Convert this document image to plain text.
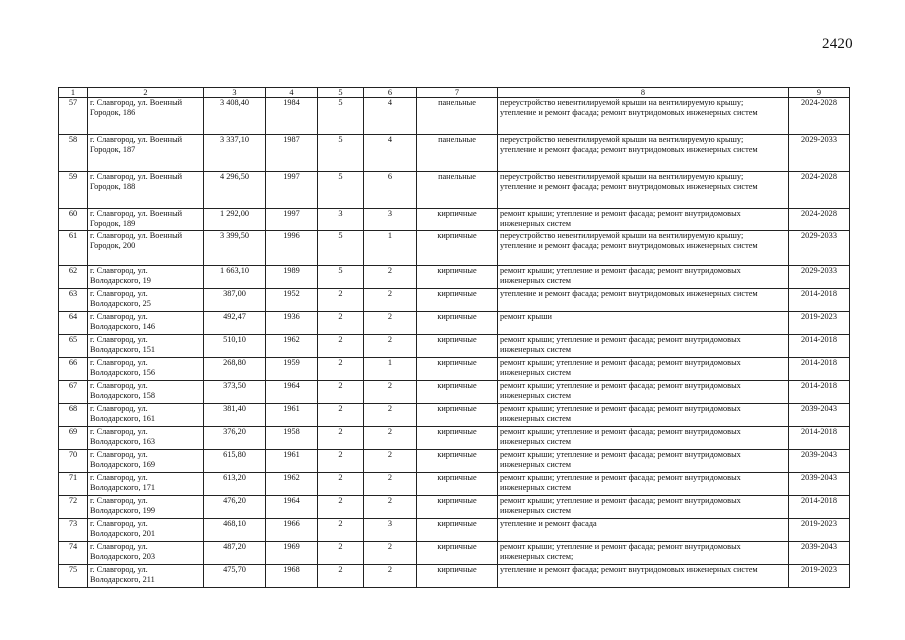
2420
1	2	3	4	5	6	7	8	9
57	г. Славгород, ул. Военный
Городок, 186	3 408,40	1984	5	4	панельные	переустройство невентилируемой крыши на вентилируемую крышу;
утепление и ремонт фасада; ремонт внутридомовых инженерных систем	2024-2028
58	г. Славгород, ул. Военный
Городок, 187	3 337,10	1987	5	4	панельные	переустройство невентилируемой крыши на вентилируемую крышу;
утепление и ремонт фасада; ремонт внутридомовых инженерных систем	2029-2033
59	г. Славгород, ул. Военный
Городок, 188	4 296,50	1997	5	6	панельные	переустройство невентилируемой крыши на вентилируемую крышу;
утепление и ремонт фасада; ремонт внутридомовых инженерных систем	2024-2028
60	г. Славгород, ул. Военный
Городок, 189	1 292,00	1997	3	3	кирпичные	ремонт крыши; утепление и ремонт фасада; ремонт внутридомовых
инженерных систем	2024-2028
61	г. Славгород, ул. Военный
Городок, 200	3 399,50	1996	5	1	кирпичные	переустройство невентилируемой крыши на вентилируемую крышу;
утепление и ремонт фасада; ремонт внутридомовых инженерных систем	2029-2033
62	г. Славгород, ул.
Володарского, 19	1 663,10	1989	5	2	кирпичные	ремонт крыши; утепление и ремонт фасада; ремонт внутридомовых
инженерных систем	2029-2033
63	г. Славгород, ул.
Володарского, 25	387,00	1952	2	2	кирпичные	утепление и ремонт фасада; ремонт внутридомовых инженерных систем	2014-2018
64	г. Славгород, ул.
Володарского, 146	492,47	1936	2	2	кирпичные	ремонт крыши	2019-2023
65	г. Славгород, ул.
Володарского, 151	510,10	1962	2	2	кирпичные	ремонт крыши; утепление и ремонт фасада; ремонт внутридомовых
инженерных систем	2014-2018
66	г. Славгород, ул.
Володарского, 156	268,80	1959	2	1	кирпичные	ремонт крыши; утепление и ремонт фасада; ремонт внутридомовых
инженерных систем	2014-2018
67	г. Славгород, ул.
Володарского, 158	373,50	1964	2	2	кирпичные	ремонт крыши; утепление и ремонт фасада; ремонт внутридомовых
инженерных систем	2014-2018
68	г. Славгород, ул.
Володарского, 161	381,40	1961	2	2	кирпичные	ремонт крыши; утепление и ремонт фасада; ремонт внутридомовых
инженерных систем	2039-2043
69	г. Славгород, ул.
Володарского, 163	376,20	1958	2	2	кирпичные	ремонт крыши; утепление и ремонт фасада; ремонт внутридомовых
инженерных систем	2014-2018
70	г. Славгород, ул.
Володарского, 169	615,80	1961	2	2	кирпичные	ремонт крыши; утепление и ремонт фасада; ремонт внутридомовых
инженерных систем	2039-2043
71	г. Славгород, ул.
Володарского, 171	613,20	1962	2	2	кирпичные	ремонт крыши; утепление и ремонт фасада; ремонт внутридомовых
инженерных систем	2039-2043
72	г. Славгород, ул.
Володарского, 199	476,20	1964	2	2	кирпичные	ремонт крыши; утепление и ремонт фасада; ремонт внутридомовых
инженерных систем	2014-2018
73	г. Славгород, ул.
Володарского, 201	468,10	1966	2	3	кирпичные	утепление и ремонт фасада	2019-2023
74	г. Славгород, ул.
Володарского, 203	487,20	1969	2	2	кирпичные	ремонт крыши; утепление и ремонт фасада; ремонт внутридомовых
инженерных систем;	2039-2043
75	г. Славгород, ул.
Володарского, 211	475,70	1968	2	2	кирпичные	утепление и ремонт фасада; ремонт внутридомовых инженерных систем	2019-2023
